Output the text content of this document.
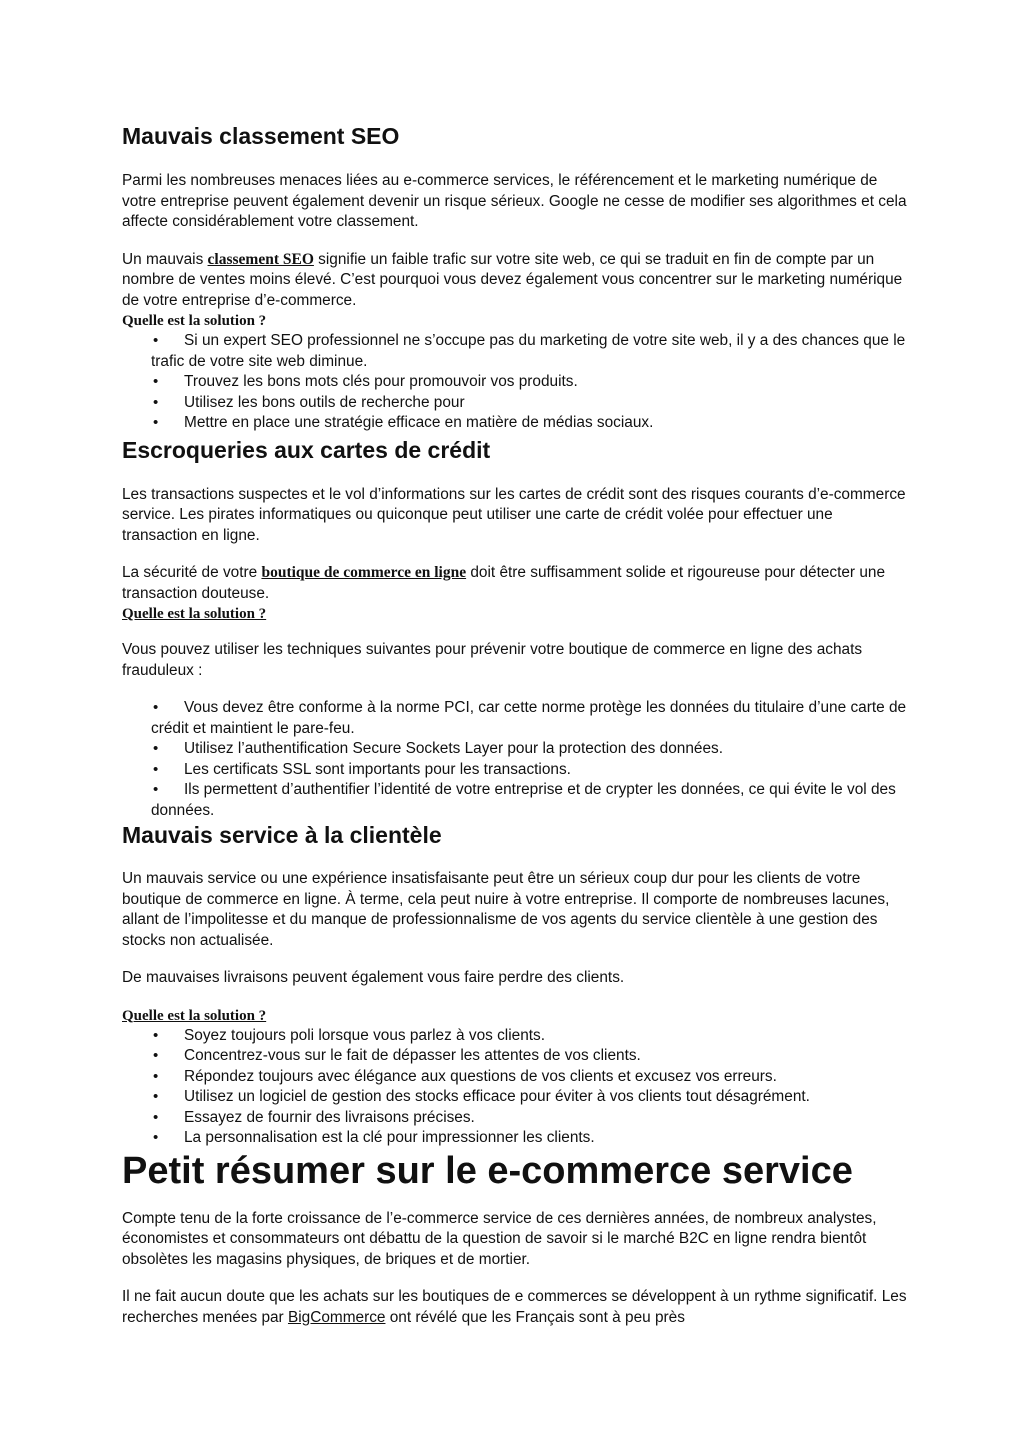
Mauvais classement SEO

Parmi les nombreuses menaces liées au e-commerce services, le référencement et le marketing numérique de votre entreprise peuvent également devenir un risque sérieux. Google ne cesse de modifier ses algorithmes et cela affecte considérablement votre classement.

Un mauvais classement SEO signifie un faible trafic sur votre site web, ce qui se traduit en fin de compte par un nombre de ventes moins élevé. C’est pourquoi vous devez également vous concentrer sur le marketing numérique de votre entreprise d’e-commerce.

Quelle est la solution ?

• Si un expert SEO professionnel ne s’occupe pas du marketing de votre site web, il y a des chances que le trafic de votre site web diminue.
• Trouvez les bons mots clés pour promouvoir vos produits.
• Utilisez les bons outils de recherche pour
• Mettre en place une stratégie efficace en matière de médias sociaux.
Escroqueries aux cartes de crédit

Les transactions suspectes et le vol d’informations sur les cartes de crédit sont des risques courants d’e-commerce service. Les pirates informatiques ou quiconque peut utiliser une carte de crédit volée pour effectuer une transaction en ligne.

La sécurité de votre boutique de commerce en ligne doit être suffisamment solide et rigoureuse pour détecter une transaction douteuse.

Quelle est la solution ?

Vous pouvez utiliser les techniques suivantes pour prévenir votre boutique de commerce en ligne des achats frauduleux :

• Vous devez être conforme à la norme PCI, car cette norme protège les données du titulaire d’une carte de crédit et maintient le pare-feu.
• Utilisez l’authentification Secure Sockets Layer pour la protection des données.
• Les certificats SSL sont importants pour les transactions.
• Ils permettent d’authentifier l’identité de votre entreprise et de crypter les données, ce qui évite le vol des données.
Mauvais service à la clientèle

Un mauvais service ou une expérience insatisfaisante peut être un sérieux coup dur pour les clients de votre boutique de commerce en ligne. À terme, cela peut nuire à votre entreprise. Il comporte de nombreuses lacunes, allant de l’impolitesse et du manque de professionnalisme de vos agents du service clientèle à une gestion des stocks non actualisée.

De mauvaises livraisons peuvent également vous faire perdre des clients.

Quelle est la solution ?

• Soyez toujours poli lorsque vous parlez à vos clients.
• Concentrez-vous sur le fait de dépasser les attentes de vos clients.
• Répondez toujours avec élégance aux questions de vos clients et excusez vos erreurs.
• Utilisez un logiciel de gestion des stocks efficace pour éviter à vos clients tout désagrément.
• Essayez de fournir des livraisons précises.
• La personnalisation est la clé pour impressionner les clients.
Petit résumer sur le e-commerce service

Compte tenu de la forte croissance de l’e-commerce service de ces dernières années, de nombreux analystes, économistes et consommateurs ont débattu de la question de savoir si le marché B2C en ligne rendra bientôt obsolètes les magasins physiques, de briques et de mortier.

Il ne fait aucun doute que les achats sur les boutiques de e commerces se développent à un rythme significatif. Les recherches menées par BigCommerce ont révélé que les Français sont à peu près
